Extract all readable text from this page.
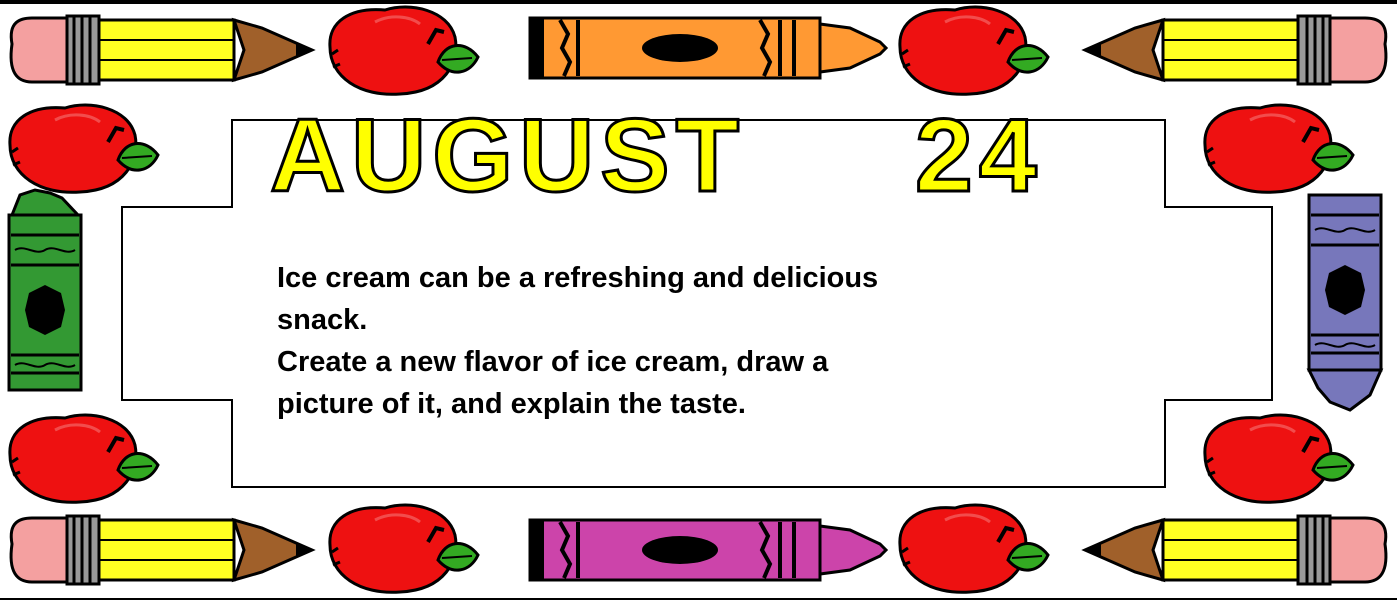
AUGUST 24
Ice cream can be a refreshing and delicious
snack.
Create a new flavor of ice cream, draw a
picture of it, and explain the taste.
